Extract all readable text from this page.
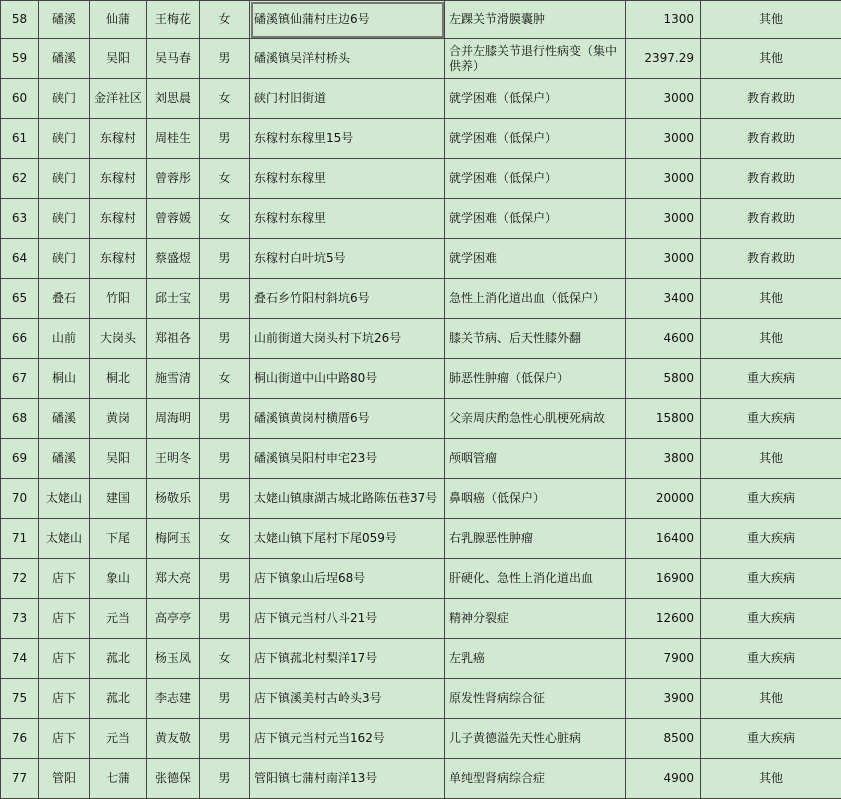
58	磻溪	仙蒲	王梅花	女	磻溪镇仙蒲村庄边6号	左踝关节滑膜囊肿	1300	其他
59	磻溪	吴阳	吴马春	男	磻溪镇吴洋村桥头	合并左膝关节退行性病变（集中供养）	2397.29	其他
60	硖门	金洋社区	刘思晨	女	硖门村旧街道	就学困难（低保户）	3000	教育救助
61	硖门	东稼村	周桂生	男	东稼村东稼里15号	就学困难（低保户）	3000	教育救助
62	硖门	东稼村	曾蓉彤	女	东稼村东稼里	就学困难（低保户）	3000	教育救助
63	硖门	东稼村	曾蓉媛	女	东稼村东稼里	就学困难（低保户）	3000	教育救助
64	硖门	东稼村	蔡盛煜	男	东稼村白叶坑5号	就学困难	3000	教育救助
65	叠石	竹阳	邱士宝	男	叠石乡竹阳村斜坑6号	急性上消化道出血（低保户）	3400	其他
66	山前	大岗头	郑祖各	男	山前街道大岗头村下坑26号	膝关节病、后天性膝外翻	4600	其他
67	桐山	桐北	施雪清	女	桐山街道中山中路80号	肺恶性肿瘤（低保户）	5800	重大疾病
68	磻溪	黄岗	周海明	男	磻溪镇黄岗村横厝6号	父亲周庆酌急性心肌梗死病故	15800	重大疾病
69	磻溪	吴阳	王明冬	男	磻溪镇吴阳村申宅23号	颅咽管瘤	3800	其他
70	太姥山	建国	杨敬乐	男	太姥山镇康湖古城北路陈伍巷37号	鼻咽癌（低保户）	20000	重大疾病
71	太姥山	下尾	梅阿玉	女	太姥山镇下尾村下尾059号	右乳腺恶性肿瘤	16400	重大疾病
72	店下	象山	郑大亮	男	店下镇象山后埕68号	肝硬化、急性上消化道出血	16900	重大疾病
73	店下	元当	高亭亭	男	店下镇元当村八斗21号	精神分裂症	12600	重大疾病
74	店下	菰北	杨玉凤	女	店下镇菰北村梨洋17号	左乳癌	7900	重大疾病
75	店下	菰北	李志建	男	店下镇溪美村古岭头3号	原发性肾病综合征	3900	其他
76	店下	元当	黄友敬	男	店下镇元当村元当162号	儿子黄德溢先天性心脏病	8500	重大疾病
77	管阳	七蒲	张德保	男	管阳镇七蒲村南洋13号	单纯型肾病综合症	4900	其他
